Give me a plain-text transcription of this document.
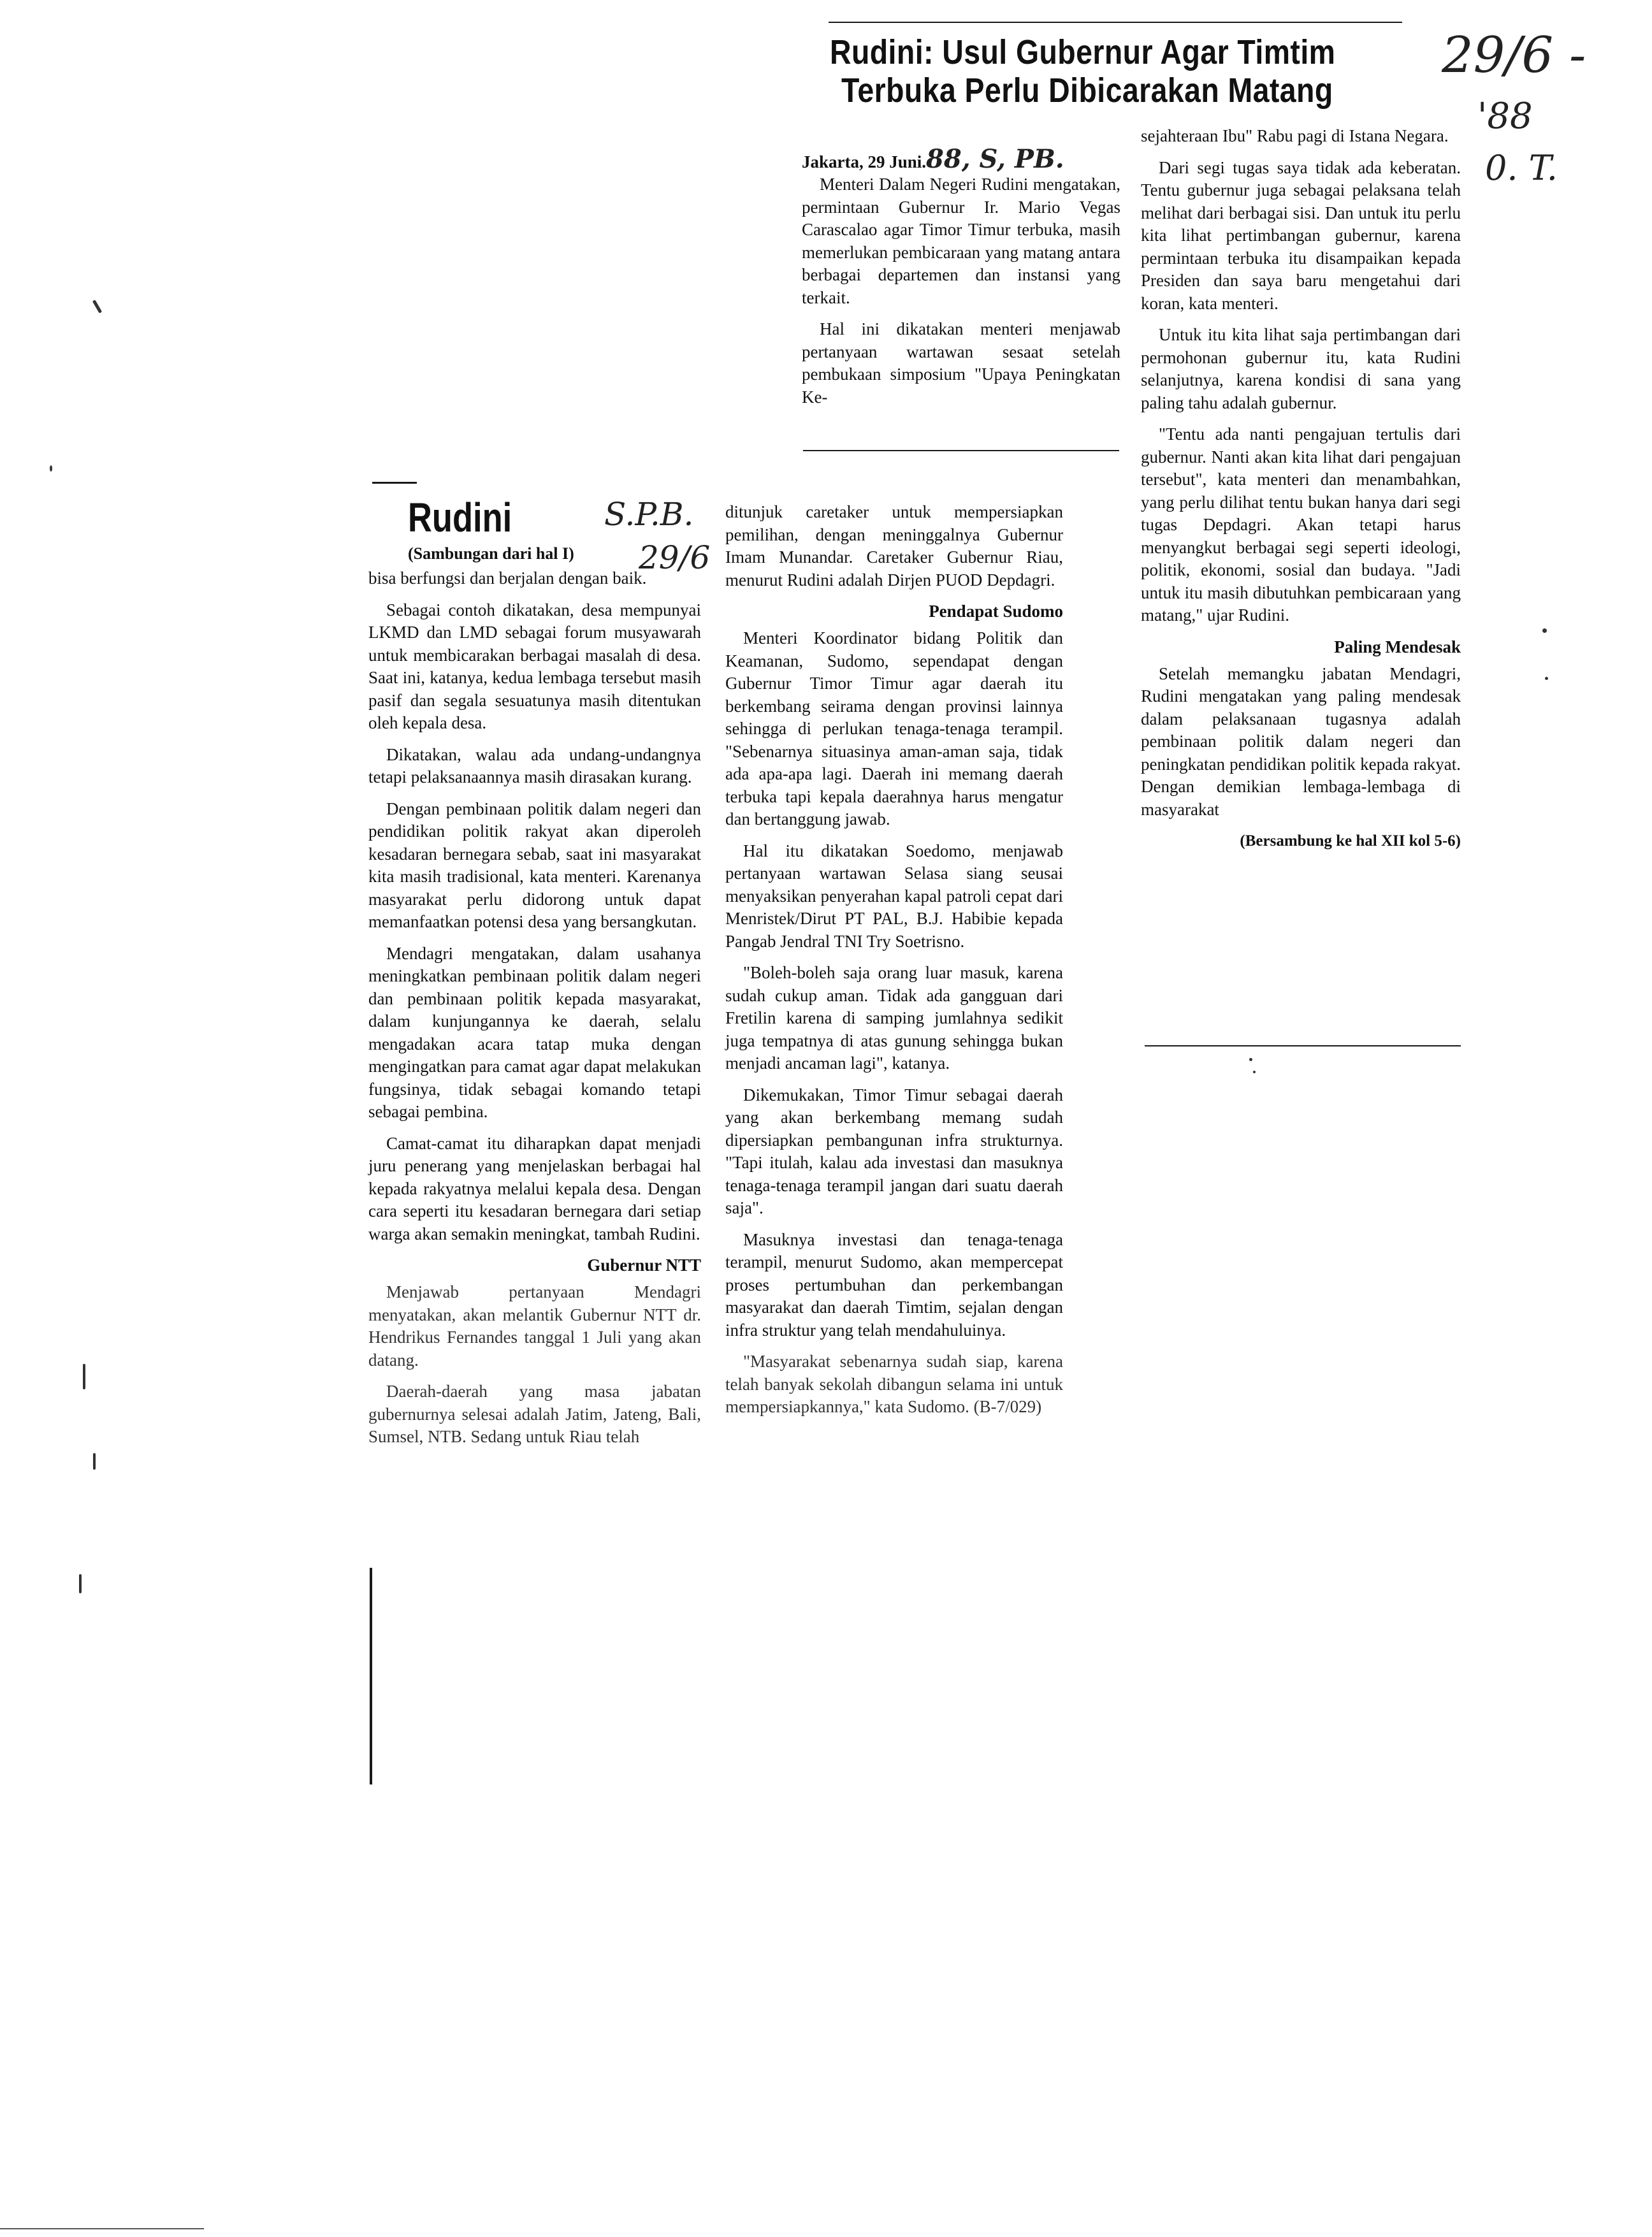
Rudini: Usul Gubernur Agar Timtim
Terbuka Perlu Dibicarakan Matang
29/6 -
'88
0. T.

Jakarta, 29 Juni.88, S, PB.

Menteri Dalam Negeri Rudini mengatakan, permintaan Gubernur Ir. Mario Vegas Carascalao agar Timor Timur terbuka, masih memerlukan pembicaraan yang matang antara berbagai departemen dan instansi yang terkait.

Hal ini dikatakan menteri menjawab pertanyaan wartawan sesaat setelah pembukaan simposium "Upaya Peningkatan Ke-

sejahteraan Ibu" Rabu pagi di Istana Negara.

Dari segi tugas saya tidak ada keberatan. Tentu gubernur juga sebagai pelaksana telah melihat dari berbagai sisi. Dan untuk itu perlu kita lihat pertimbangan gubernur, karena permintaan terbuka itu disampaikan kepada Presiden dan saya baru mengetahui dari koran, kata menteri.

Untuk itu kita lihat saja pertimbangan dari permohonan gubernur itu, kata Rudini selanjutnya, karena kondisi di sana yang paling tahu adalah gubernur.

"Tentu ada nanti pengajuan tertulis dari gubernur. Nanti akan kita lihat dari pengajuan tersebut", kata menteri dan menambahkan, yang perlu dilihat tentu bukan hanya dari segi tugas Depdagri. Akan tetapi harus menyangkut berbagai segi seperti ideologi, politik, ekonomi, sosial dan budaya. "Jadi untuk itu masih dibutuhkan pembicaraan yang matang," ujar Rudini.

Paling Mendesak

Setelah memangku jabatan Mendagri, Rudini mengatakan yang paling mendesak dalam pelaksanaan tugasnya adalah pembinaan politik dalam negeri dan peningkatan pendidikan politik kepada rakyat. Dengan demikian lembaga-lembaga di masyarakat

(Bersambung ke hal XII kol 5-6)
Rudini
(Sambungan dari hal I)
S.P.B.
29/6

bisa berfungsi dan berjalan dengan baik.

Sebagai contoh dikatakan, desa mempunyai LKMD dan LMD sebagai forum musyawarah untuk membicarakan berbagai masalah di desa. Saat ini, katanya, kedua lembaga tersebut masih pasif dan segala sesuatunya masih ditentukan oleh kepala desa.

Dikatakan, walau ada undang-undangnya tetapi pelaksanaannya masih dirasakan kurang.

Dengan pembinaan politik dalam negeri dan pendidikan politik rakyat akan diperoleh kesadaran bernegara sebab, saat ini masyarakat kita masih tradisional, kata menteri. Karenanya masyarakat perlu didorong untuk dapat memanfaatkan potensi desa yang bersangkutan.

Mendagri mengatakan, dalam usahanya meningkatkan pembinaan politik dalam negeri dan pembinaan politik kepada masyarakat, dalam kunjungannya ke daerah, selalu mengadakan acara tatap muka dengan mengingatkan para camat agar dapat melakukan fungsinya, tidak sebagai komando tetapi sebagai pembina.

Camat-camat itu diharapkan dapat menjadi juru penerang yang menjelaskan berbagai hal kepada rakyatnya melalui kepala desa. Dengan cara seperti itu kesadaran bernegara dari setiap warga akan semakin meningkat, tambah Rudini.

Gubernur NTT

Menjawab pertanyaan Mendagri menyatakan, akan melantik Gubernur NTT dr. Hendrikus Fernandes tanggal 1 Juli yang akan datang.

Daerah-daerah yang masa jabatan gubernurnya selesai adalah Jatim, Jateng, Bali, Sumsel, NTB. Sedang untuk Riau telah

ditunjuk caretaker untuk mempersiapkan pemilihan, dengan meninggalnya Gubernur Imam Munandar. Caretaker Gubernur Riau, menurut Rudini adalah Dirjen PUOD Depdagri.

Pendapat Sudomo

Menteri Koordinator bidang Politik dan Keamanan, Sudomo, sependapat dengan Gubernur Timor Timur agar daerah itu berkembang seirama dengan provinsi lainnya sehingga di perlukan tenaga-tenaga terampil. "Sebenarnya situasinya aman-aman saja, tidak ada apa-apa lagi. Daerah ini memang daerah terbuka tapi kepala daerahnya harus mengatur dan bertanggung jawab.

Hal itu dikatakan Soedomo, menjawab pertanyaan wartawan Selasa siang seusai menyaksikan penyerahan kapal patroli cepat dari Menristek/Dirut PT PAL, B.J. Habibie kepada Pangab Jendral TNI Try Soetrisno.

"Boleh-boleh saja orang luar masuk, karena sudah cukup aman. Tidak ada gangguan dari Fretilin karena di samping jumlahnya sedikit juga tempatnya di atas gunung sehingga bukan menjadi ancaman lagi", katanya.

Dikemukakan, Timor Timur sebagai daerah yang akan berkembang memang sudah dipersiapkan pembangunan infra strukturnya. "Tapi itulah, kalau ada investasi dan masuknya tenaga-tenaga terampil jangan dari suatu daerah saja".

Masuknya investasi dan tenaga-tenaga terampil, menurut Sudomo, akan mempercepat proses pertumbuhan dan perkembangan masyarakat dan daerah Timtim, sejalan dengan infra struktur yang telah mendahuluinya.

"Masyarakat sebenarnya sudah siap, karena telah banyak sekolah dibangun selama ini untuk mempersiapkannya," kata Sudomo. (B-7/029)
